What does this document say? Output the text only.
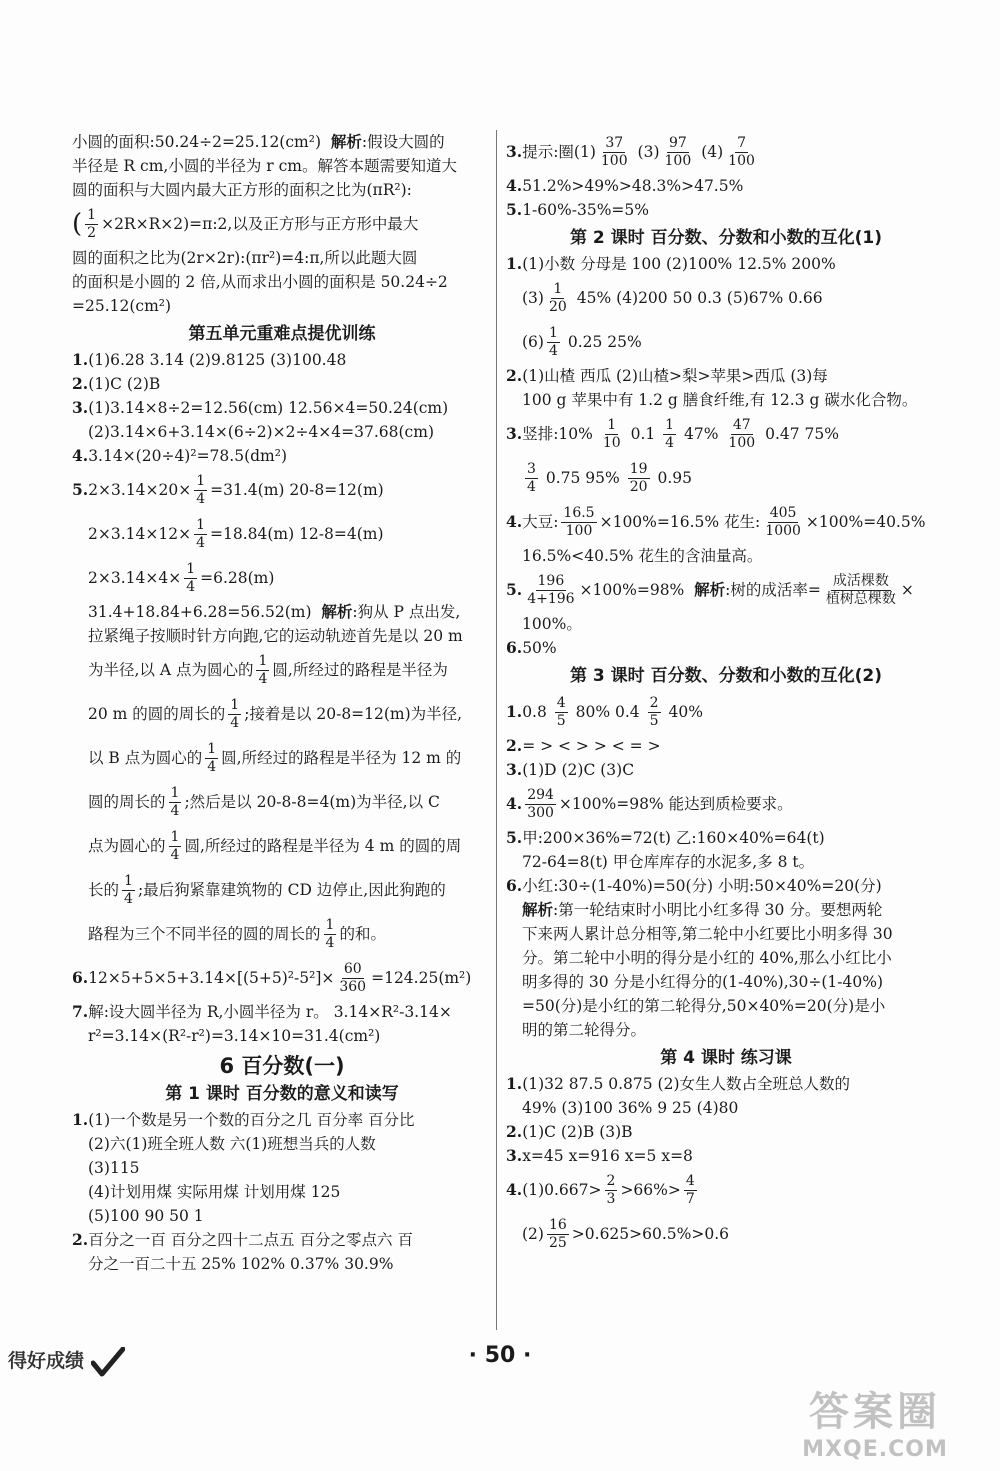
小圆的面积:50.24÷2=25.12(cm²) 解析:假设大圆的
半径是 R cm,小圆的半径为 r cm。解答本题需要知道大
圆的面积与大圆内最大正方形的面积之比为(πR²):
( $\frac{1}{2}$ ×2R×R×2)=π:2,以及正方形与正方形中最大
圆的面积之比为(2r×2r):(πr²)=4:π,所以此题大圆
的面积是小圆的 2 倍,从而求出小圆的面积是 50.24÷2
=25.12(cm²)
第五单元重难点提优训练
1.(1)6.28 3.14 (2)9.8125 (3)100.48
2.(1)C (2)B
3.(1)3.14×8÷2=12.56(cm) 12.56×4=50.24(cm)
(2)3.14×6+3.14×(6÷2)×2÷4×4=37.68(cm)
4.3.14×(20÷4)²=78.5(dm²)
5. $2\times 3.14\times 20\times \frac{1}{4} =31.4(m)$ 20-8=12(m)
$2\times 3.14\times 12\times \frac{1}{4} =18.84(m)$ 12-8=4(m)
$2\times 3.14\times 4\times \frac{1}{4} =6.28(m)$
31.4+18.84+6.28=56.52(m) 解析:狗从 P 点出发,
拉紧绳子按顺时针方向跑,它的运动轨迹首先是以 20 m
为半径,以 A 点为圆心的 $\frac{1}{4}$ 圆,所经过的路程是半径为
20 m 的圆的周长的 $\frac{1}{4}$ ;接着是以 20-8=12(m)为半径,
以 B 点为圆心的 $\frac{1}{4}$ 圆,所经过的路程是半径为 12 m 的
圆的周长的 $\frac{1}{4}$ ;然后是以 20-8-8=4(m)为半径,以 C
点为圆心的 $\frac{1}{4}$ 圆,所经过的路程是半径为 4 m 的圆的周
长的 $\frac{1}{4}$ ;最后狗紧靠建筑物的 CD 边停止,因此狗跑的
路程为三个不同半径的圆的周长的 $\frac{1}{4}$ 的和。
6. $12\times 5+5\times 5+3.14\times[(5+5)^2-5^2]\times \frac{60}{360} =124.25(m^2)$
7.解:设大圆半径为 R,小圆半径为 r。 3.14×R²-3.14×
r²=3.14×(R²-r²)=3.14×10=31.4(cm²)
6 百分数(一)
第 1 课时 百分数的意义和读写
1.(1)一个数是另一个数的百分之几 百分率 百分比
(2)六(1)班全班人数 六(1)班想当兵的人数
(3)115
(4)计划用煤 实际用煤 计划用煤 125
(5)100 90 50 1
2.百分之一百 百分之四十二点五 百分之零点六 百
分之一百二十五 25% 102% 0.37% 30.9%
3. 提示:圈$(1) \frac{37}{100}$
$(3) \frac{97}{100}$
$(4) \frac{7}{100}$
4.51.2%>49%>48.3%>47.5%
5.1-60%-35%=5%
第 2 课时 百分数、分数和小数的互化(1)
1.(1)小数 分母是 100 (2)100% 12.5% 200%
$(3) \frac{1}{20}$
45% (4)200 50 0.3 (5)67% 0.66
$(6) \frac{1}{4}$
0.25 25%
2.(1)山楂 西瓜 (2)山楂>梨>苹果>西瓜 (3)每
100 g 苹果中有 1.2 g 膳食纤维,有 12.3 g 碳水化合物。
3. 竖排:10%
$\frac{1}{10}$
0.1
$\frac{1}{4}$
47%
$\frac{47}{100}$
0.47 75%
$\frac{3}{4}$
0.75 95%
$\frac{19}{20}$
0.95
4. 大豆: $\frac{16.5}{100} \times 100\%=16.5\%$ 花生: $\frac{405}{1000} \times 100\%=40.5\%$
16.5%<40.5% 花生的含油量高。
5. $\frac{196}{4+196} \times 100\%=98\%$
解析 :树的成活率= $\frac{\text{成活棵数}}{\text{植树总棵数}}$ ×
100%。
6.50%
第 3 课时 百分数、分数和小数的互化(2)
1. 0.8
$\frac{4}{5}$
80% 0.4
$\frac{2}{5}$
40%
2.= > < > > < = >
3.(1)D (2)C (3)C
4. $\frac{294}{300} \times 100\%=98\%$ 能达到质检要求。
5.甲:200×36%=72(t) 乙:160×40%=64(t)
72-64=8(t) 甲仓库库存的水泥多,多 8 t。
6.小红:30÷(1-40%)=50(分) 小明:50×40%=20(分)
解析:第一轮结束时小明比小红多得 30 分。要想两轮
下来两人累计总分相等,第二轮中小红要比小明多得 30
分。第二轮中小明的得分是小红的 40%,那么小红比小
明多得的 30 分是小红得分的(1-40%),30÷(1-40%)
=50(分)是小红的第二轮得分,50×40%=20(分)是小
明的第二轮得分。
第 4 课时 练习课
1.(1)32 87.5 0.875 (2)女生人数占全班总人数的
49% (3)100 36% 9 25 (4)80
2.(1)C (2)B (3)B
3.x=45 x=916 x=5 x=8
4. $(1)0.667> \frac{2}{3} >66\%> \frac{4}{7}$
$(2) \frac{16}{25} >0.625>60.5\%>0.6$
得好成绩	· 50 ·
答案圈
MXQE.COM
